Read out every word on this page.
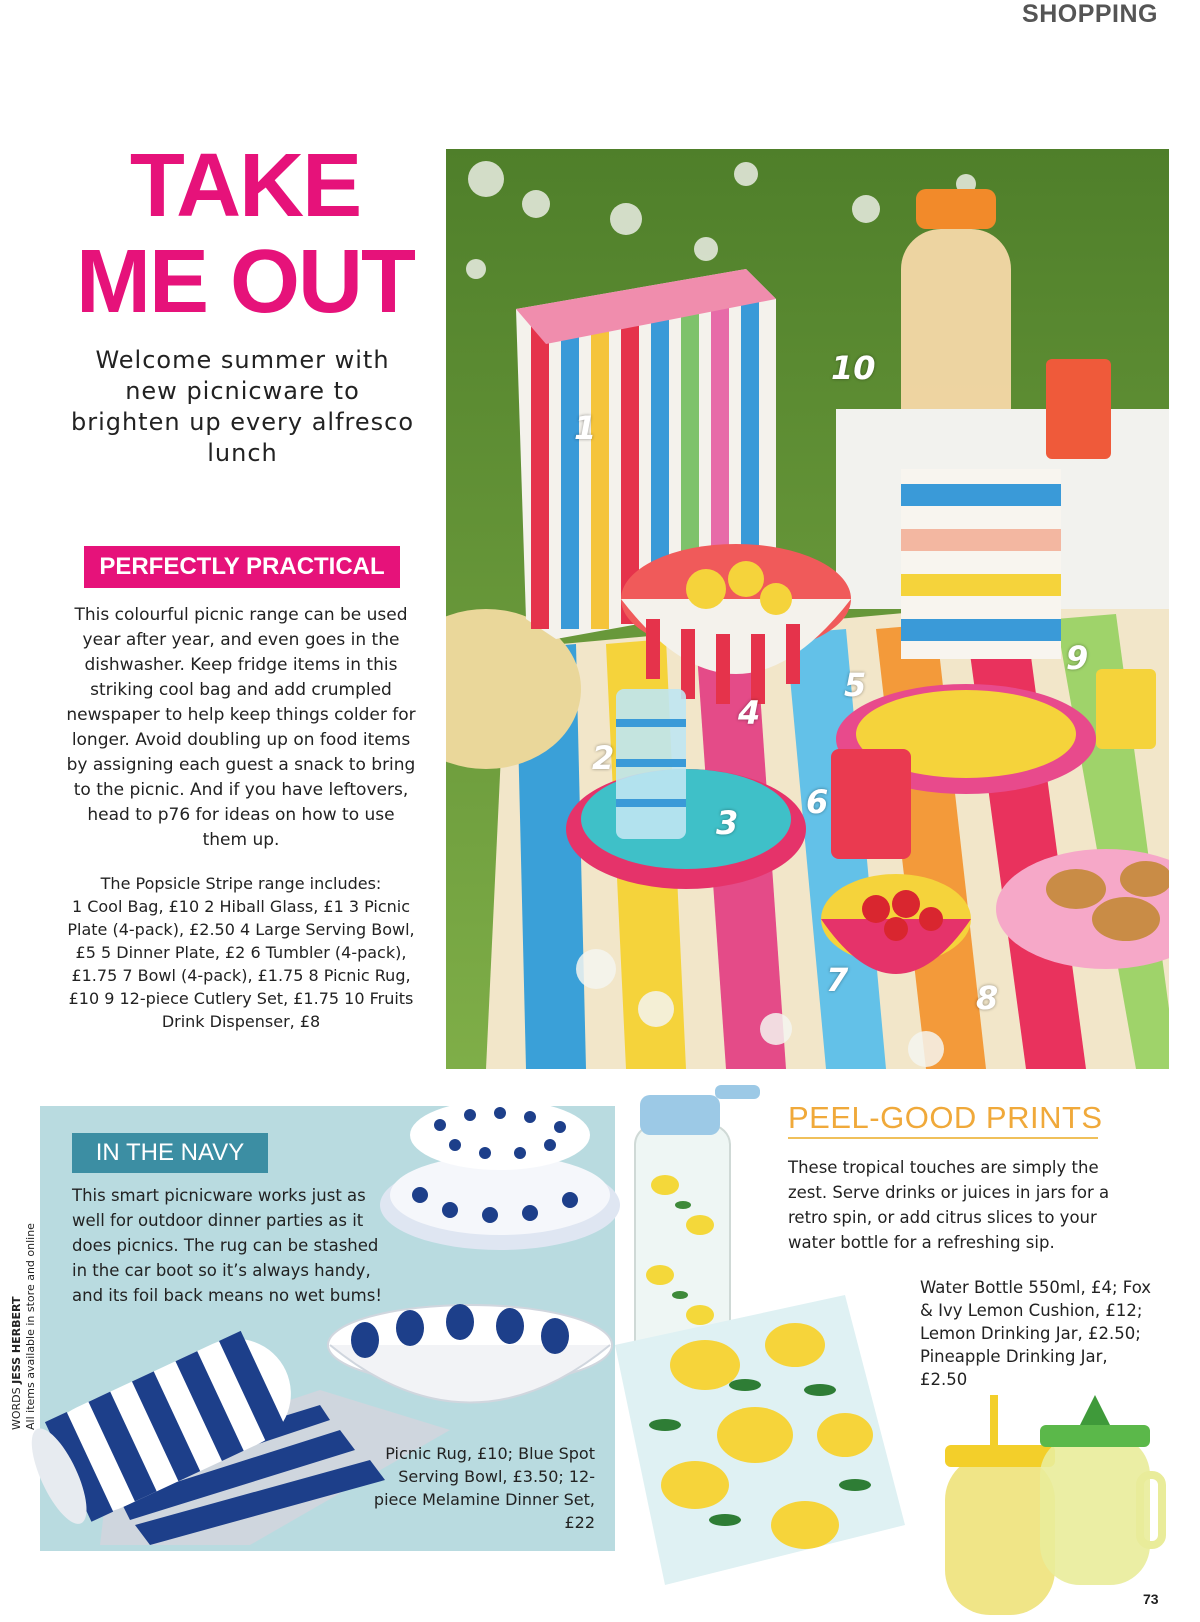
SHOPPING
TAKE
ME OUT
Welcome summer with new picnicware to brighten up every alfresco lunch
PERFECTLY PRACTICAL
This colourful picnic range can be used year after year, and even goes in the dishwasher. Keep fridge items in this striking cool bag and add crumpled newspaper to help keep things colder for longer. Avoid doubling up on food items by assigning each guest a snack to bring to the picnic. And if you have leftovers, head to p76 for ideas on how to use them up.
The Popsicle Stripe range includes:
1 Cool Bag, £10 2 Hiball Glass, £1 3 Picnic Plate (4-pack), £2.50 4 Large Serving Bowl, £5 5 Dinner Plate, £2 6 Tumbler (4-pack), £1.75 7 Bowl (4-pack), £1.75 8 Picnic Rug, £10 9 12-piece Cutlery Set, £1.75 10 Fruits Drink Dispenser, £8
1
2
3
4
5
6
7	8
9
10
IN THE NAVY
This smart picnicware works just as well for outdoor dinner parties as it does picnics. The rug can be stashed in the car boot so it’s always handy, and its foil back means no wet bums!
Picnic Rug, £10; Blue Spot Serving Bowl, £3.50; 12-piece Melamine Dinner Set, £22
WORDS JESS HERBERT All items available in store and online
PEEL-GOOD PRINTS
These tropical touches are simply the zest. Serve drinks or juices in jars for a retro spin, or add citrus slices to your water bottle for a refreshing sip.
Water Bottle 550ml, £4; Fox & Ivy Lemon Cushion, £12; Lemon Drinking Jar, £2.50; Pineapple Drinking Jar, £2.50
73
